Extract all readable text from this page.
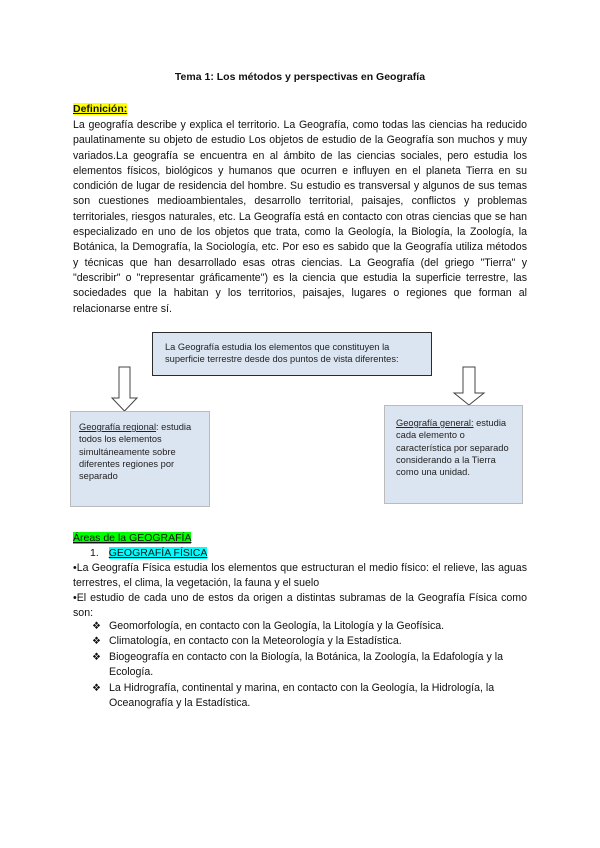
Tema 1: Los métodos y perspectivas en Geografía
Definición:

La geografía describe y explica el territorio. La Geografía, como todas las ciencias ha reducido paulatinamente su objeto de estudio Los objetos de estudio de la Geografía son muchos y muy variados.La geografía se encuentra en al ámbito de las ciencias sociales, pero estudia los elementos físicos, biológicos y humanos que ocurren e influyen en el planeta Tierra en su condición de lugar de residencia del hombre. Su estudio es transversal y algunos de sus temas son cuestiones medioambientales, desarrollo territorial, paisajes, conflictos y problemas territoriales, riesgos naturales, etc. La Geografía está en contacto con otras ciencias que se han especializado en uno de los objetos que trata, como la Geología, la Biología, la Zoología, la Botánica, la Demografía, la Sociología, etc. Por eso es sabido que la Geografía utiliza métodos y técnicas que han desarrollado esas otras ciencias. La Geografía (del griego "Tierra" y "describir" o "representar gráficamente") es la ciencia que estudia la superficie terrestre, las sociedades que la habitan y los territorios, paisajes, lugares o regiones que forman al relacionarse entre sí.

La Geografía estudia los elementos que constituyen la superficie terrestre desde dos puntos de vista diferentes:
Geografía regional: estudia todos los elementos simultáneamente sobre diferentes regiones por separado
Geografía general: estudia cada elemento o característica por separado considerando a la Tierra como una unidad.
Áreas de la GEOGRAFÍA
1. GEOGRAFÍA FÍSICA

•La Geografía Física estudia los elementos que estructuran el medio físico: el relieve, las aguas terrestres, el clima, la vegetación, la fauna y el suelo

•El estudio de cada uno de estos da origen a distintas subramas de la Geografía Física como son:

❖ Geomorfología, en contacto con la Geología, la Litología y la Geofísica.
❖ Climatología, en contacto con la Meteorología y la Estadística.
❖ Biogeografía en contacto con la Biología, la Botánica, la Zoología, la Edafología y la Ecología.
❖ La Hidrografía, continental y marina, en contacto con la Geología, la Hidrología, la Oceanografía y la Estadística.
